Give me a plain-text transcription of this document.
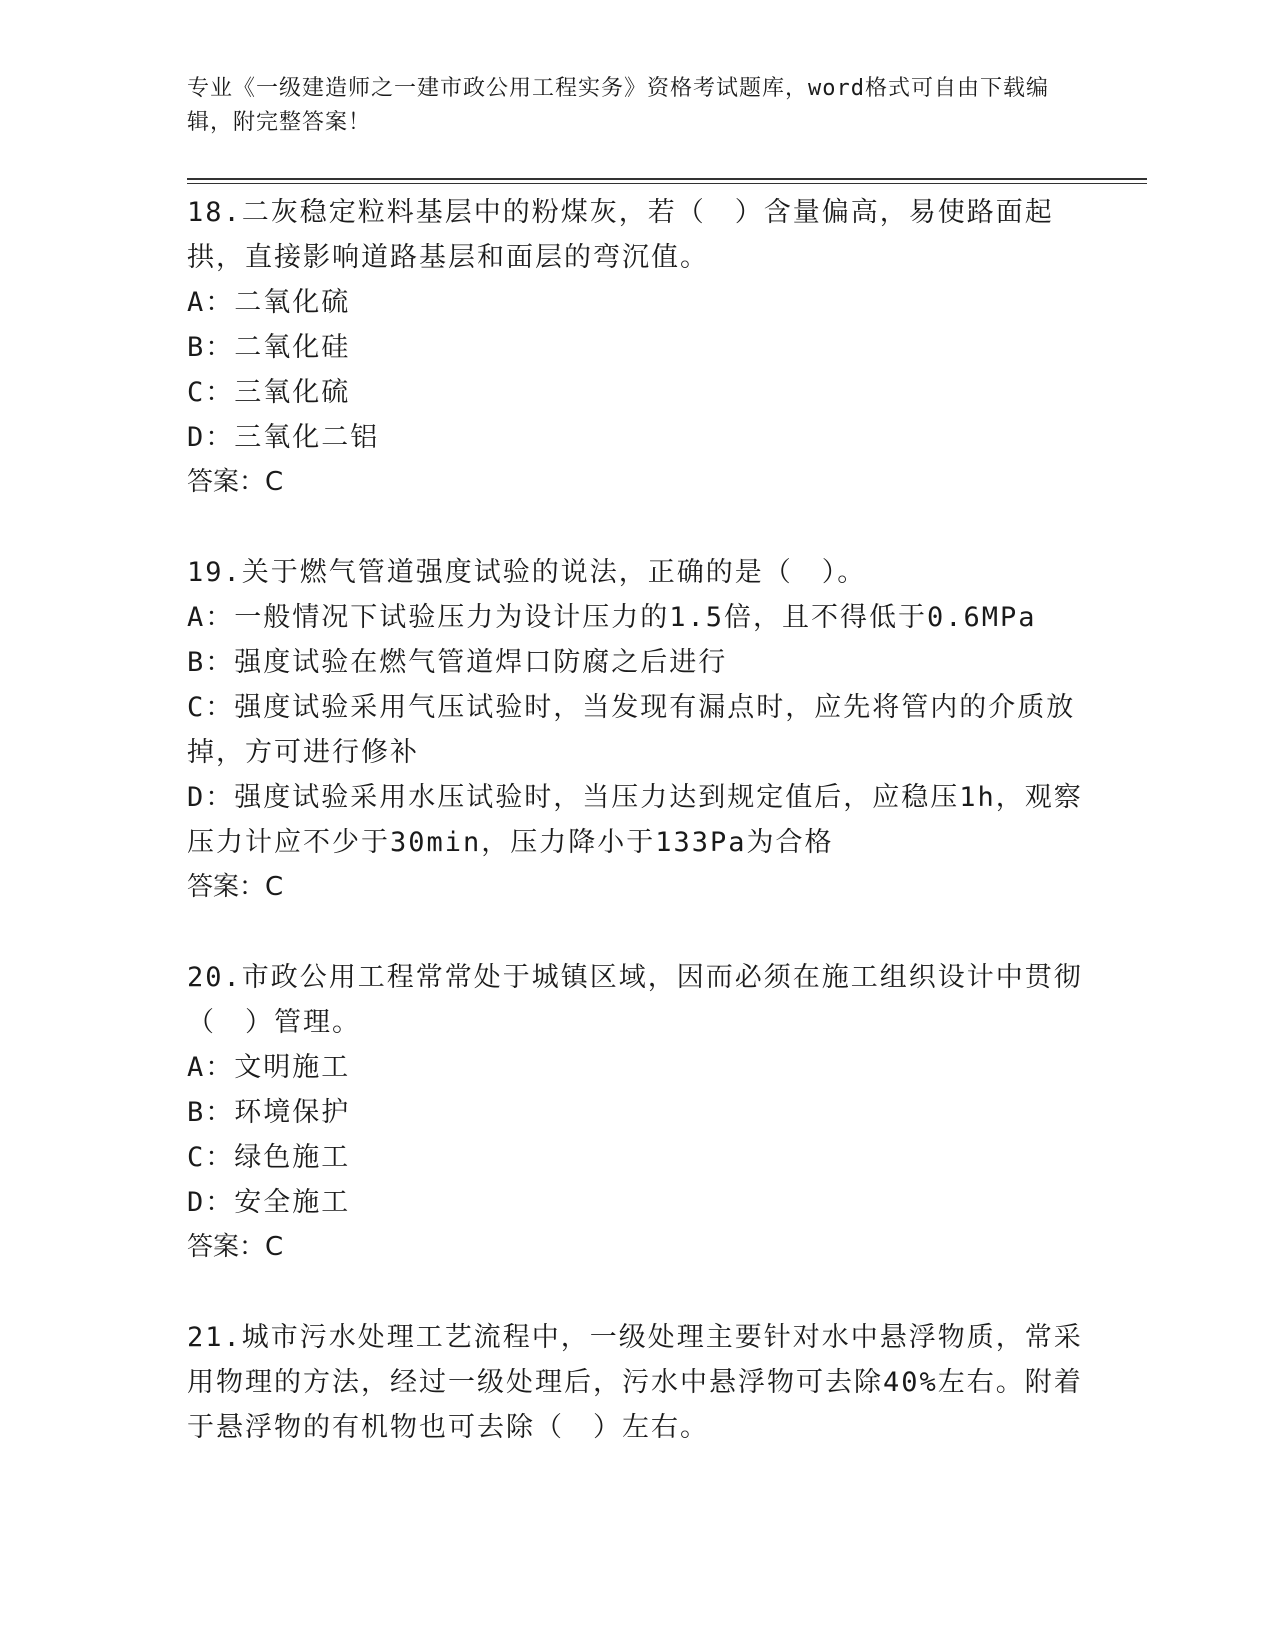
专业《一级建造师之一建市政公用工程实务》资格考试题库，word格式可自由下载编辑，附完整答案！

18.二灰稳定粒料基层中的粉煤灰，若（　）含量偏高，易使路面起拱，直接影响道路基层和面层的弯沉值。

A：二氧化硫

B：二氧化硅

C：三氧化硫

D：三氧化二铝

答案：C

19.关于燃气管道强度试验的说法，正确的是（　）。

A：一般情况下试验压力为设计压力的1.5倍，且不得低于0.6MPa

B：强度试验在燃气管道焊口防腐之后进行

C：强度试验采用气压试验时，当发现有漏点时，应先将管内的介质放掉，方可进行修补

D：强度试验采用水压试验时，当压力达到规定值后，应稳压1h，观察压力计应不少于30min，压力降小于133Pa为合格

答案：C

20.市政公用工程常常处于城镇区域，因而必须在施工组织设计中贯彻（　）管理。

A：文明施工

B：环境保护

C：绿色施工

D：安全施工

答案：C

21.城市污水处理工艺流程中，一级处理主要针对水中悬浮物质，常采用物理的方法，经过一级处理后，污水中悬浮物可去除40%左右。附着于悬浮物的有机物也可去除（　）左右。
